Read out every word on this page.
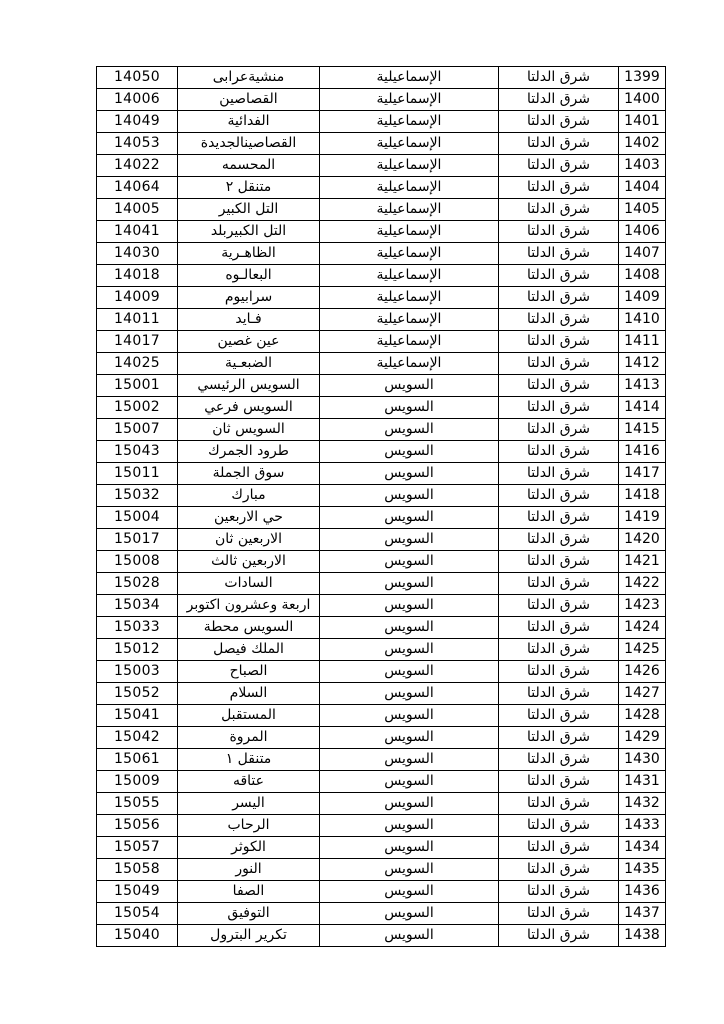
14050	منشيةعرابى	الإسماعيلية	شرق الدلتا	1399
14006	القصاصين	الإسماعيلية	شرق الدلتا	1400
14049	الفدائية	الإسماعيلية	شرق الدلتا	1401
14053	القصاصينالجديدة	الإسماعيلية	شرق الدلتا	1402
14022	المحسمه	الإسماعيلية	شرق الدلتا	1403
14064	متنقل ٢	الإسماعيلية	شرق الدلتا	1404
14005	التل الكبير	الإسماعيلية	شرق الدلتا	1405
14041	التل الكبيربلد	الإسماعيلية	شرق الدلتا	1406
14030	الظاهـرية	الإسماعيلية	شرق الدلتا	1407
14018	البعالـوه	الإسماعيلية	شرق الدلتا	1408
14009	سرابيوم	الإسماعيلية	شرق الدلتا	1409
14011	فـايد	الإسماعيلية	شرق الدلتا	1410
14017	عين غصين	الإسماعيلية	شرق الدلتا	1411
14025	الضبعـية	الإسماعيلية	شرق الدلتا	1412
15001	السويس الرئيسي	السويس	شرق الدلتا	1413
15002	السويس فرعي	السويس	شرق الدلتا	1414
15007	السويس ثان	السويس	شرق الدلتا	1415
15043	طرود الجمرك	السويس	شرق الدلتا	1416
15011	سوق الجملة	السويس	شرق الدلتا	1417
15032	مبارك	السويس	شرق الدلتا	1418
15004	حي الاربعين	السويس	شرق الدلتا	1419
15017	الاربعين ثان	السويس	شرق الدلتا	1420
15008	الاربعين ثالث	السويس	شرق الدلتا	1421
15028	السادات	السويس	شرق الدلتا	1422
15034	اربعة وعشرون اكتوبر	السويس	شرق الدلتا	1423
15033	السويس محطة	السويس	شرق الدلتا	1424
15012	الملك فيصل	السويس	شرق الدلتا	1425
15003	الصباح	السويس	شرق الدلتا	1426
15052	السلام	السويس	شرق الدلتا	1427
15041	المستقبل	السويس	شرق الدلتا	1428
15042	المروة	السويس	شرق الدلتا	1429
15061	متنقل ١	السويس	شرق الدلتا	1430
15009	عتاقه	السويس	شرق الدلتا	1431
15055	اليسر	السويس	شرق الدلتا	1432
15056	الرحاب	السويس	شرق الدلتا	1433
15057	الكوثر	السويس	شرق الدلتا	1434
15058	النور	السويس	شرق الدلتا	1435
15049	الصفا	السويس	شرق الدلتا	1436
15054	التوفيق	السويس	شرق الدلتا	1437
15040	تكرير البترول	السويس	شرق الدلتا	1438
